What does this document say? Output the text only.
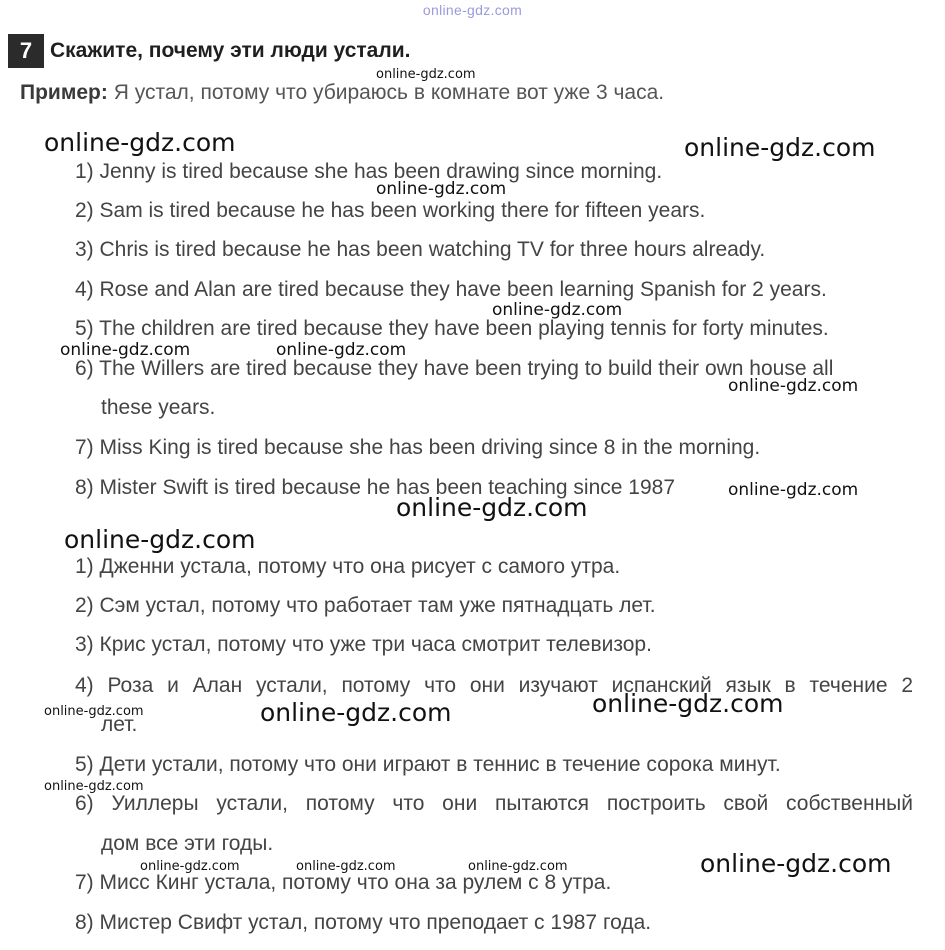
online-gdz.com
7 Скажите, почему эти люди устали.
Пример: Я устал, потому что убираюсь в комнате вот уже 3 часа.
1) Jenny is tired because she has been drawing since morning.
2) Sam is tired because he has been working there for fifteen years.
3) Chris is tired because he has been watching TV for three hours already.
4) Rose and Alan are tired because they have been learning Spanish for 2 years.
5) The children are tired because they have been playing tennis for forty minutes.
6) The Willers are tired because they have been trying to build their own house all
these years.
7) Miss King is tired because she has been driving since 8 in the morning.
8) Mister Swift is tired because he has been teaching since 1987
1) Дженни устала, потому что она рисует с самого утра.
2) Сэм устал, потому что работает там уже пятнадцать лет.
3) Крис устал, потому что уже три часа смотрит телевизор.
4) Роза и Алан устали, потому что они изучают испанский язык в течение 2
лет.
5) Дети устали, потому что они играют в теннис в течение сорока минут.
6) Уиллеры устали, потому что они пытаются построить свой собственный
дом все эти годы.
7) Мисс Кинг устала, потому что она за рулем с 8 утра.
8) Мистер Свифт устал, потому что преподает с 1987 года.
online-gdz.com
online-gdz.com	online-gdz.com
online-gdz.com
online-gdz.com
online-gdz.com	online-gdz.com
online-gdz.com
online-gdz.com
online-gdz.com
online-gdz.com
online-gdz.com
online-gdz.com
online-gdz.com
online-gdz.com
online-gdz.com
online-gdz.com	online-gdz.com	online-gdz.com
